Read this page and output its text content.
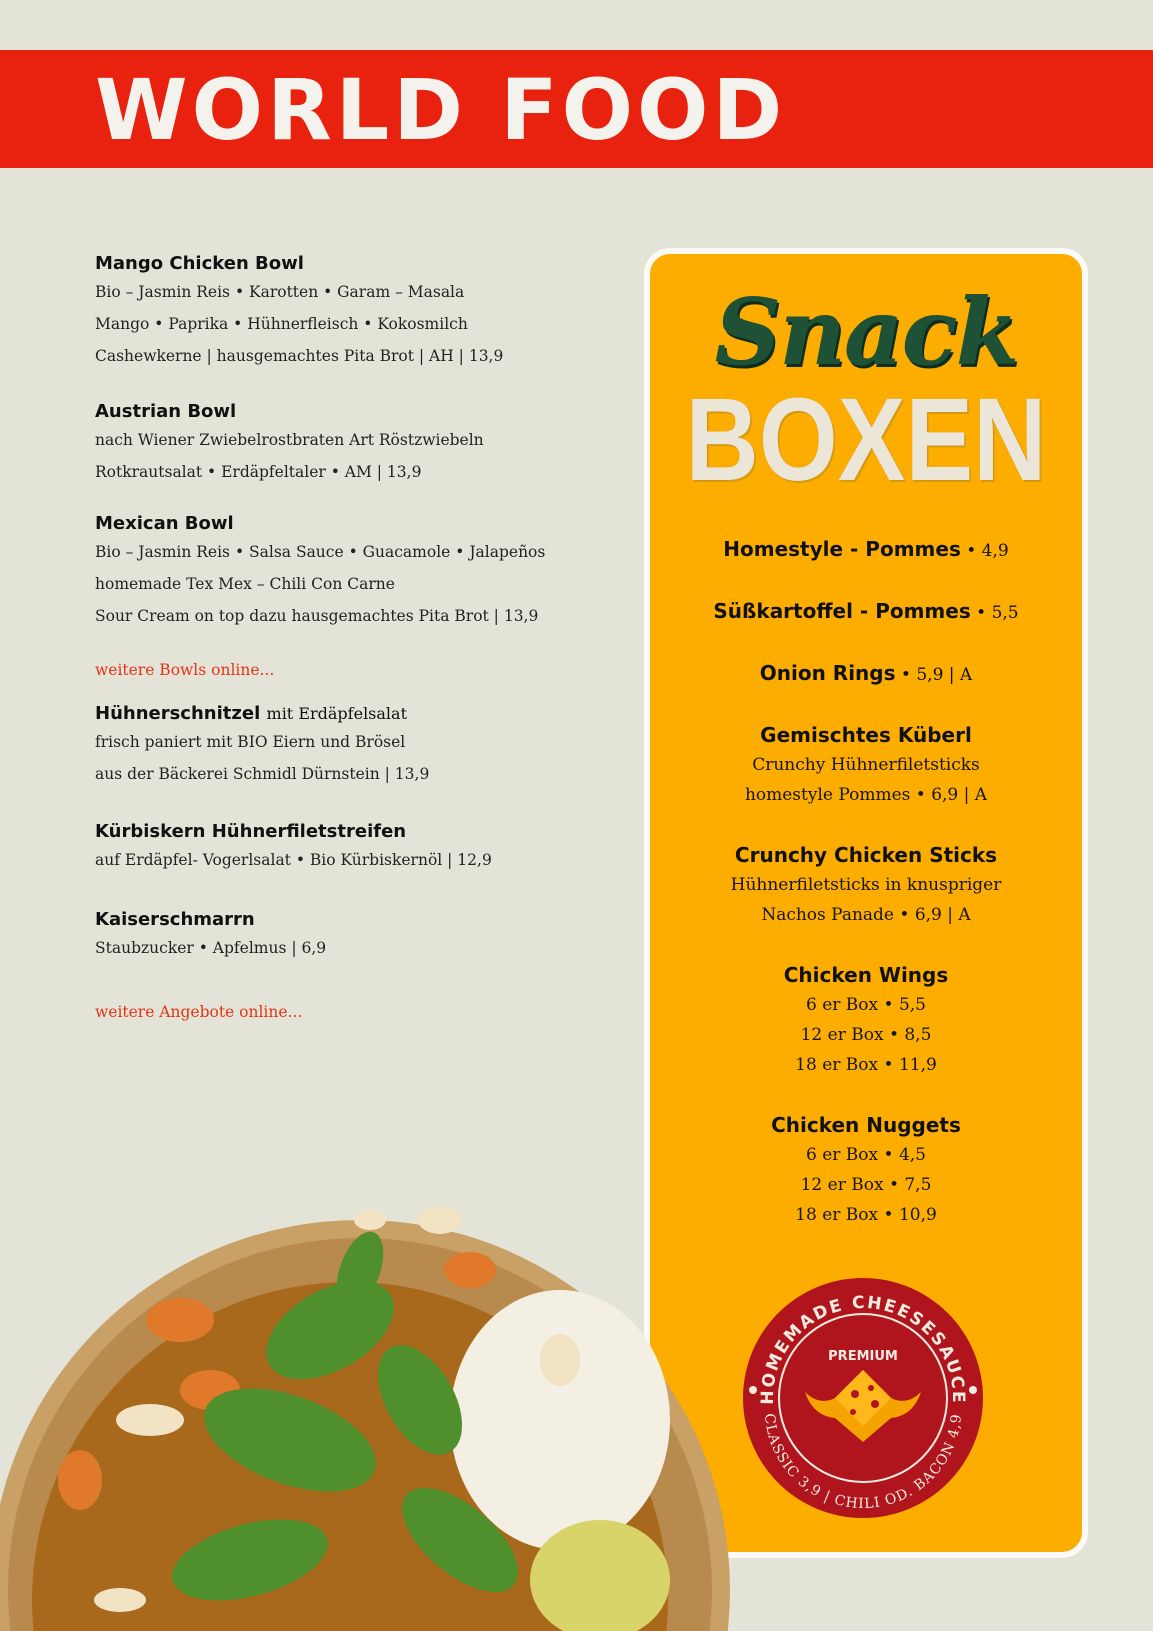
WORLD FOOD
Mango Chicken Bowl
Bio – Jasmin Reis • Karotten • Garam – Masala
Mango • Paprika • Hühnerfleisch • Kokosmilch
Cashewkerne | hausgemachtes Pita Brot | AH | 13,9
Austrian Bowl
nach Wiener Zwiebelrostbraten Art Röstzwiebeln
Rotkrautsalat • Erdäpfeltaler • AM | 13,9
Mexican Bowl
Bio – Jasmin Reis • Salsa Sauce • Guacamole • Jalapeños
homemade Tex Mex – Chili Con Carne
Sour Cream on top dazu hausgemachtes Pita Brot | 13,9
weitere Bowls online...
Hühnerschnitzel mit Erdäpfelsalat
frisch paniert mit BIO Eiern und Brösel
aus der Bäckerei Schmidl Dürnstein | 13,9
Kürbiskern Hühnerfiletstreifen
auf Erdäpfel- Vogerlsalat • Bio Kürbiskernöl | 12,9
Kaiserschmarrn
Staubzucker • Apfelmus | 6,9
weitere Angebote online...
Snack
BOXEN
Homestyle - Pommes • 4,9
Süßkartoffel - Pommes • 5,5
Onion Rings • 5,9 | A
Gemischtes Küberl
Crunchy Hühnerfiletsticks
homestyle Pommes • 6,9 | A
Crunchy Chicken Sticks
Hühnerfiletsticks in knuspriger
Nachos Panade • 6,9 | A
Chicken Wings
6 er Box • 5,5
12 er Box • 8,5
18 er Box • 11,9
Chicken Nuggets
6 er Box • 4,5
12 er Box • 7,5
18 er Box • 10,9
HOMEMADE CHEESESAUCE
PREMIUM
CLASSIC 3,9 | CHILI OD. BACON 4,9
